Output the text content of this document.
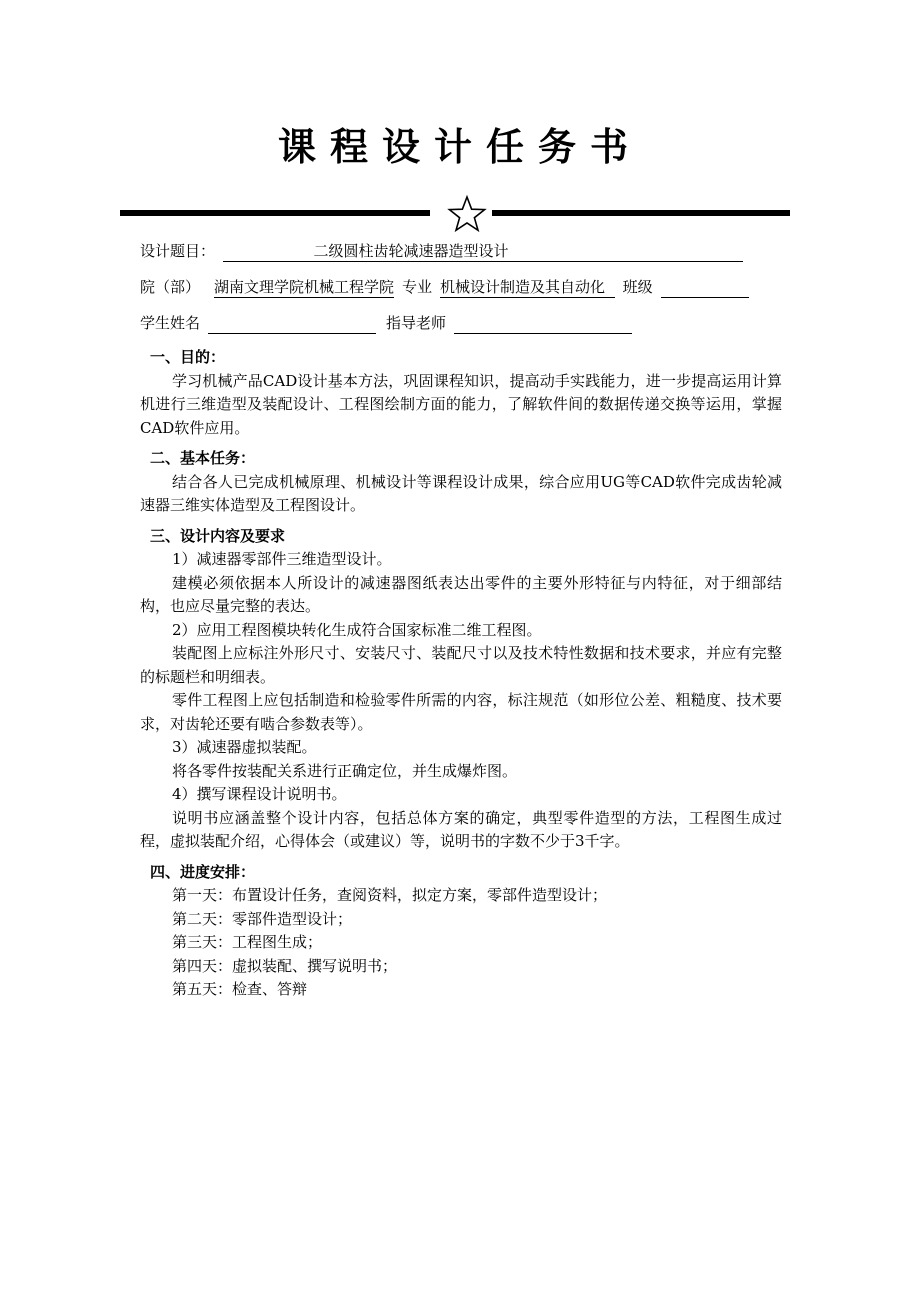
课程设计任务书
设计题目：	二级圆柱齿轮减速器造型设计
院（部） 湖南文理学院机械工程学院 专业 机械设计制造及其自动化 班级
学生姓名	指导老师

一、目的：

学习机械产品CAD设计基本方法，巩固课程知识，提高动手实践能力，进一步提高运用计算机进行三维造型及装配设计、工程图绘制方面的能力，了解软件间的数据传递交换等运用，掌握CAD软件应用。

二、基本任务：

结合各人已完成机械原理、机械设计等课程设计成果，综合应用UG等CAD软件完成齿轮减速器三维实体造型及工程图设计。

三、设计内容及要求

1）减速器零部件三维造型设计。

建模必须依据本人所设计的减速器图纸表达出零件的主要外形特征与内特征，对于细部结构，也应尽量完整的表达。

2）应用工程图模块转化生成符合国家标准二维工程图。

装配图上应标注外形尺寸、安装尺寸、装配尺寸以及技术特性数据和技术要求，并应有完整的标题栏和明细表。

零件工程图上应包括制造和检验零件所需的内容，标注规范（如形位公差、粗糙度、技术要求，对齿轮还要有啮合参数表等）。

3）减速器虚拟装配。

将各零件按装配关系进行正确定位，并生成爆炸图。

4）撰写课程设计说明书。

说明书应涵盖整个设计内容，包括总体方案的确定，典型零件造型的方法，工程图生成过程，虚拟装配介绍，心得体会（或建议）等，说明书的字数不少于3千字。

四、进度安排：

第一天：布置设计任务，查阅资料，拟定方案，零部件造型设计；

第二天：零部件造型设计；

第三天：工程图生成；

第四天：虚拟装配、撰写说明书；

第五天：检查、答辩
